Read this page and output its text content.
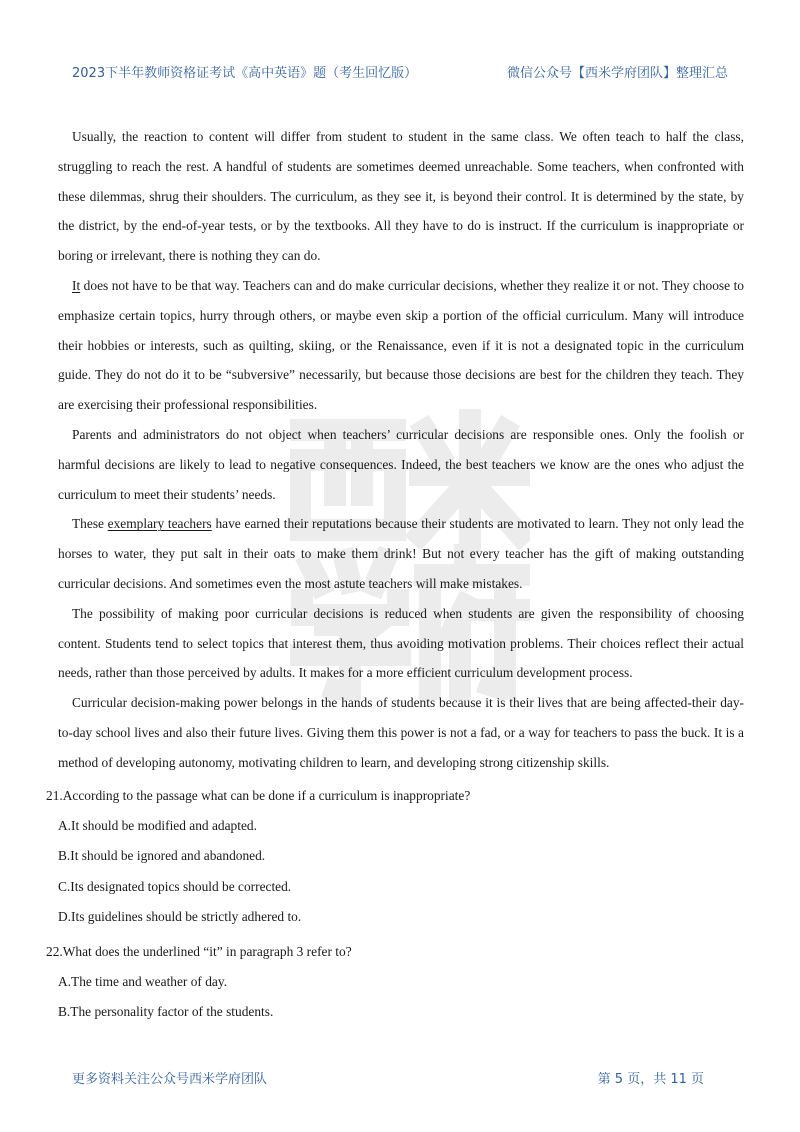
2023下半年教师资格证考试《高中英语》题（考生回忆版）	微信公众号【西米学府团队】整理汇总

Usually, the reaction to content will differ from student to student in the same class. We often teach to half the class, struggling to reach the rest. A handful of students are sometimes deemed unreachable. Some teachers, when confronted with these dilemmas, shrug their shoulders. The curriculum, as they see it, is beyond their control. It is determined by the state, by the district, by the end-of-year tests, or by the textbooks. All they have to do is instruct. If the curriculum is inappropriate or boring or irrelevant, there is nothing they can do.

It does not have to be that way. Teachers can and do make curricular decisions, whether they realize it or not. They choose to emphasize certain topics, hurry through others, or maybe even skip a portion of the official curriculum. Many will introduce their hobbies or interests, such as quilting, skiing, or the Renaissance, even if it is not a designated topic in the curriculum guide. They do not do it to be “subversive” necessarily, but because those decisions are best for the children they teach. They are exercising their professional responsibilities.

Parents and administrators do not object when teachers’ curricular decisions are responsible ones. Only the foolish or harmful decisions are likely to lead to negative consequences. Indeed, the best teachers we know are the ones who adjust the curriculum to meet their students’ needs.

These exemplary teachers have earned their reputations because their students are motivated to learn. They not only lead the horses to water, they put salt in their oats to make them drink! But not every teacher has the gift of making outstanding curricular decisions. And sometimes even the most astute teachers will make mistakes.

The possibility of making poor curricular decisions is reduced when students are given the responsibility of choosing content. Students tend to select topics that interest them, thus avoiding motivation problems. Their choices reflect their actual needs, rather than those perceived by adults. It makes for a more efficient curriculum development process.

Curricular decision-making power belongs in the hands of students because it is their lives that are being affected-their day-to-day school lives and also their future lives. Giving them this power is not a fad, or a way for teachers to pass the buck. It is a method of developing autonomy, motivating children to learn, and developing strong citizenship skills.

21.According to the passage what can be done if a curriculum is inappropriate?

A.It should be modified and adapted.

B.It should be ignored and abandoned.

C.Its designated topics should be corrected.

D.Its guidelines should be strictly adhered to.

22.What does the underlined “it” in paragraph 3 refer to?

A.The time and weather of day.

B.The personality factor of the students.

更多资料关注公众号西米学府团队	第 5 页，共 11 页
